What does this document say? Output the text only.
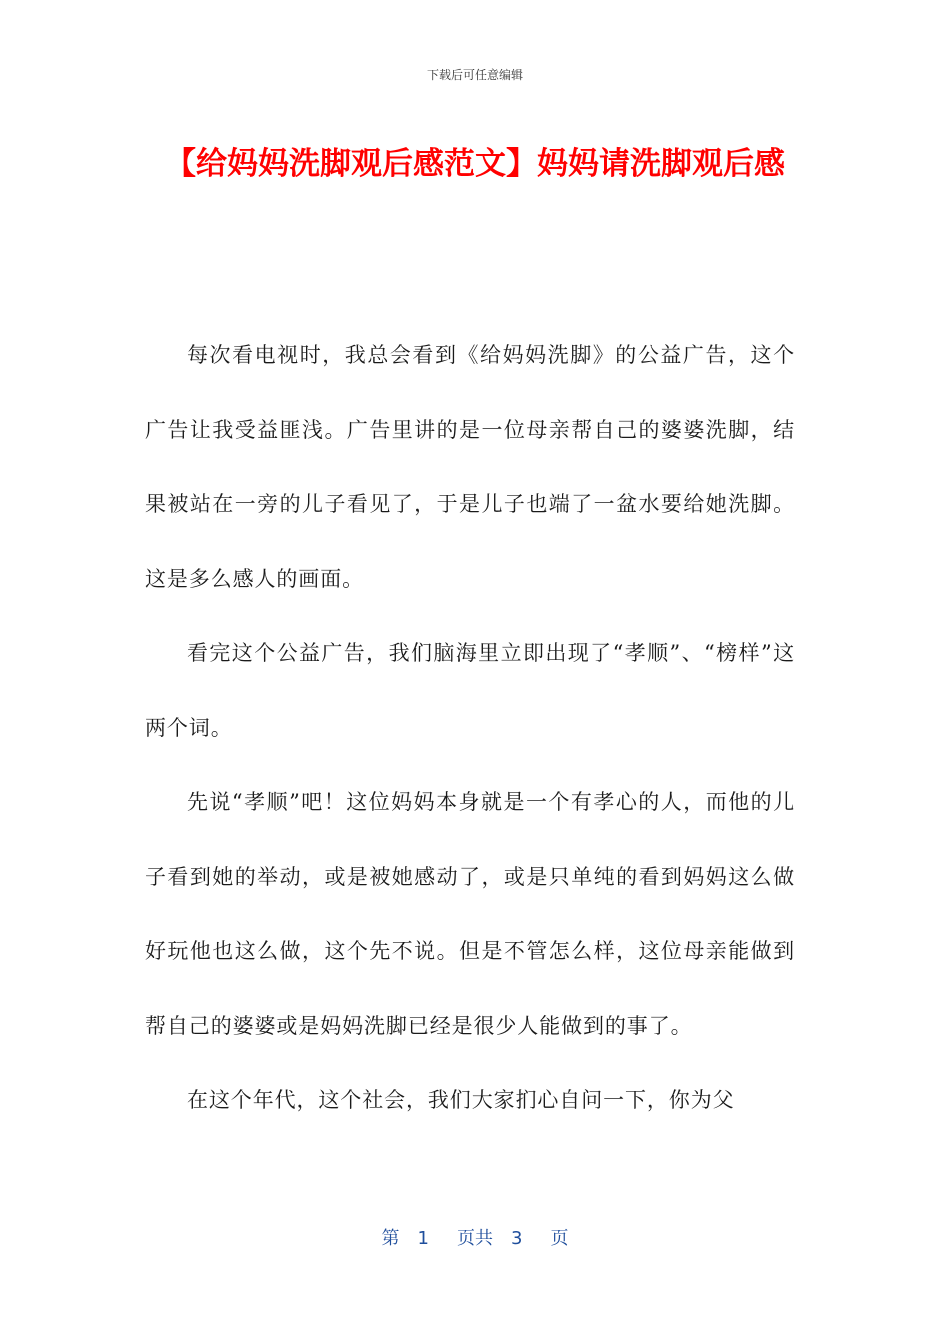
下载后可任意编辑
【给妈妈洗脚观后感范文】妈妈请洗脚观后感

每次看电视时，我总会看到《给妈妈洗脚》的公益广告，这个广告让我受益匪浅。广告里讲的是一位母亲帮自己的婆婆洗脚，结果被站在一旁的儿子看见了，于是儿子也端了一盆水要给她洗脚。这是多么感人的画面。

看完这个公益广告，我们脑海里立即出现了“孝顺”、“榜样”这两个词。

先说“孝顺”吧！这位妈妈本身就是一个有孝心的人，而他的儿子看到她的举动，或是被她感动了，或是只单纯的看到妈妈这么做好玩他也这么做，这个先不说。但是不管怎么样，这位母亲能做到帮自己的婆婆或是妈妈洗脚已经是很少人能做到的事了。

在这个年代，这个社会，我们大家扪心自问一下，你为父

第 1 页共 3 页
